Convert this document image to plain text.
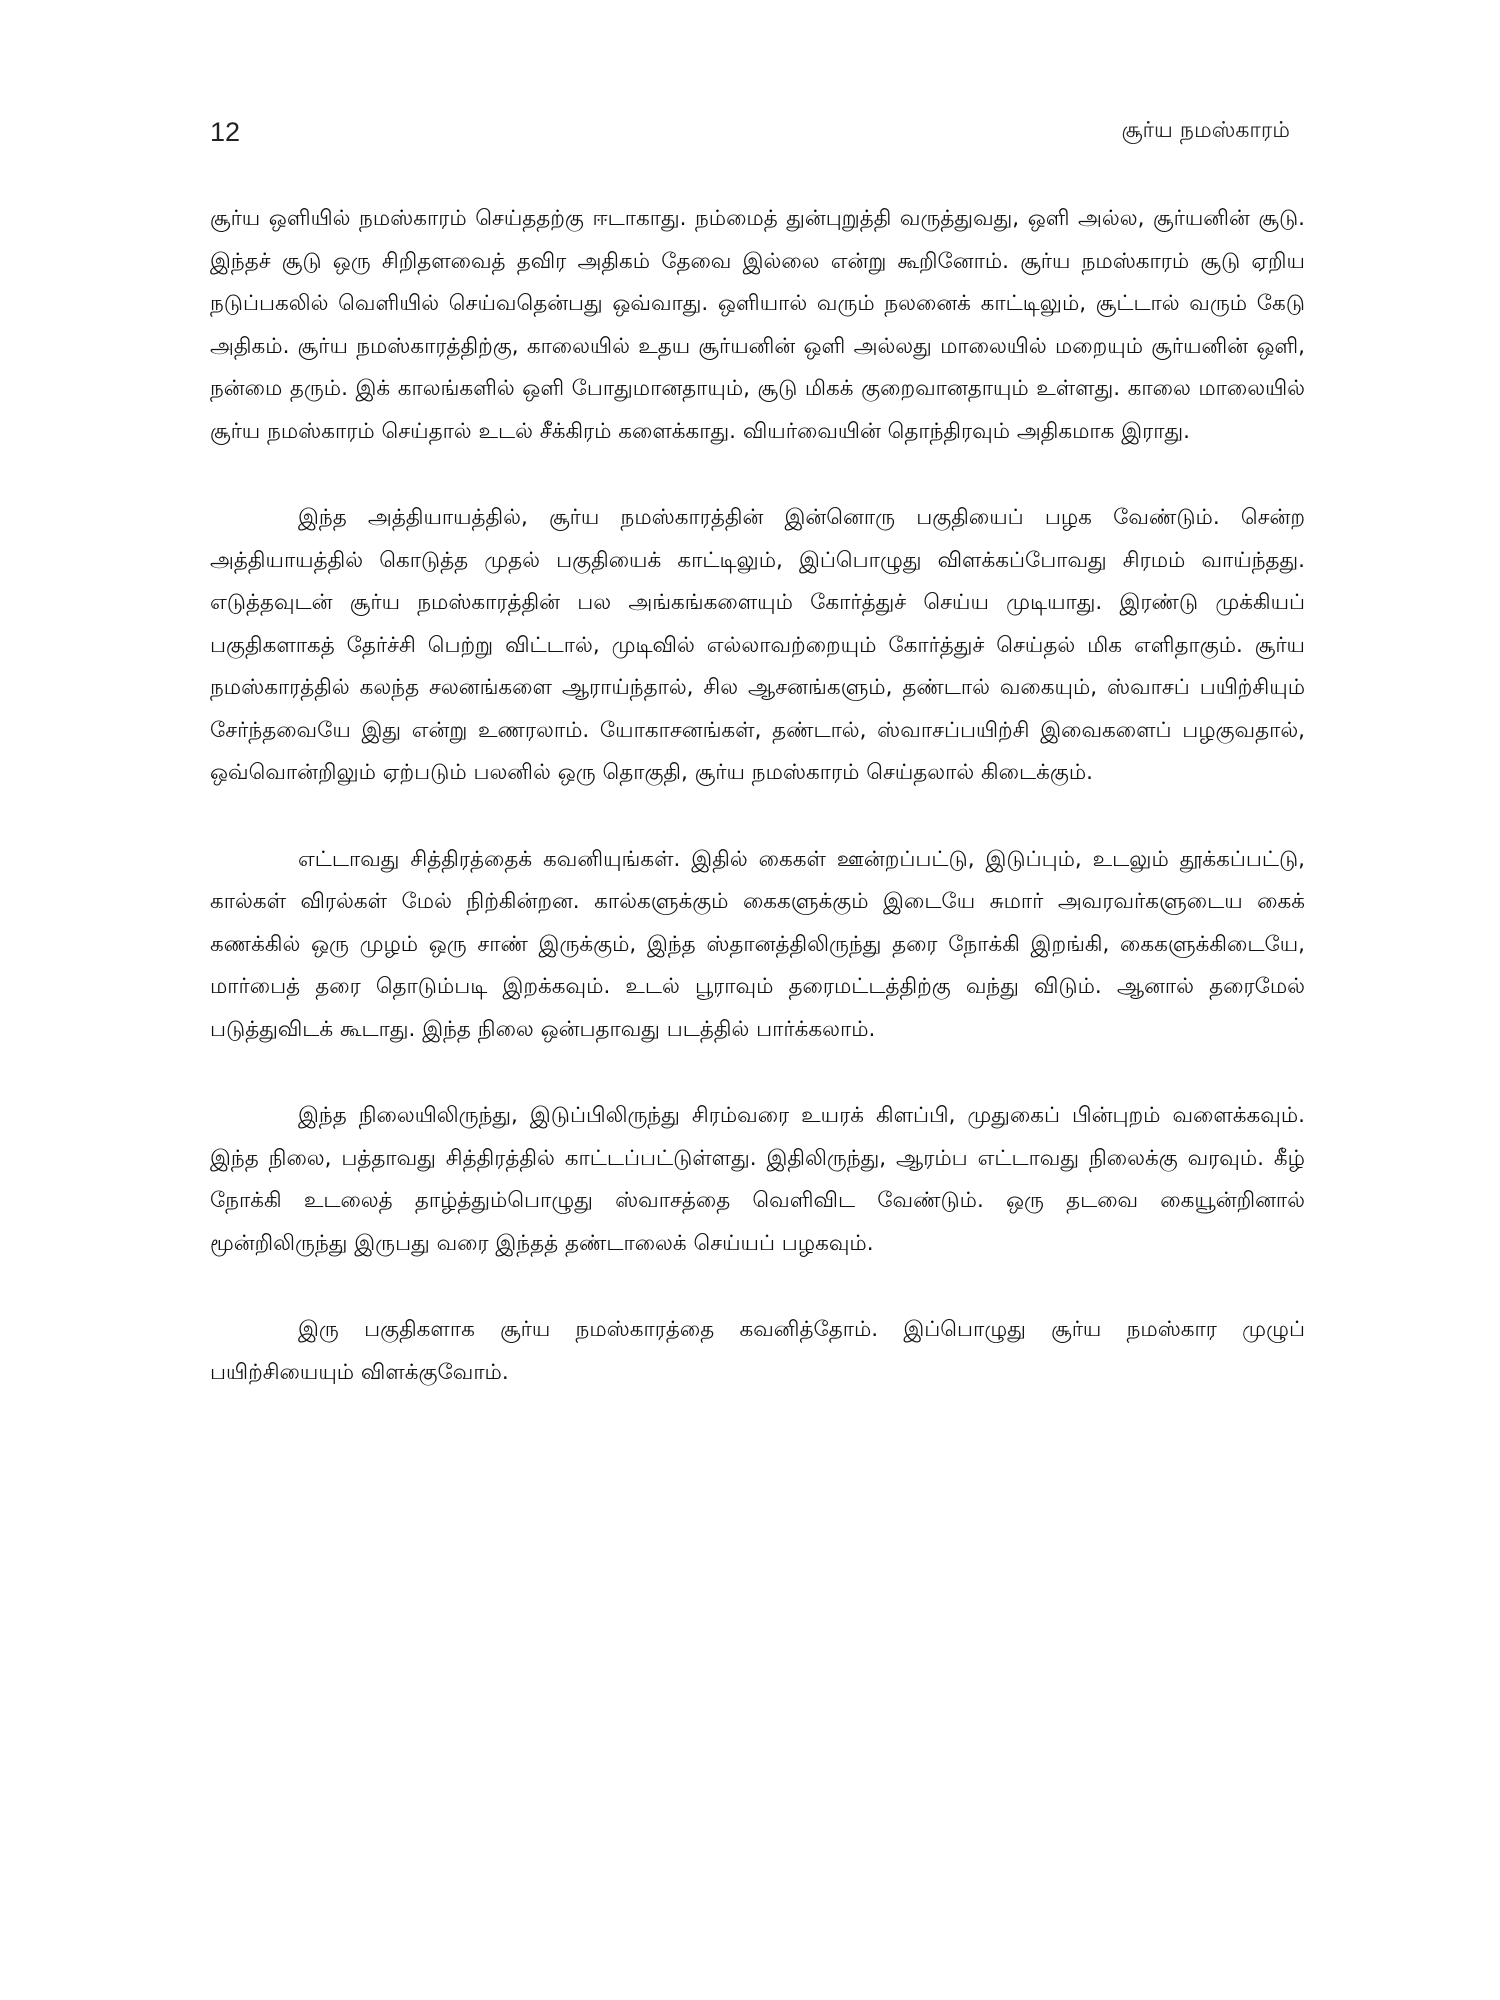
12	சூர்ய நமஸ்காரம்

சூர்ய ஒளியில் நமஸ்காரம் செய்ததற்கு ஈடாகாது. நம்மைத் துன்புறுத்தி வருத்துவது, ஒளி அல்ல, சூர்யனின் சூடு. இந்தச் சூடு ஒரு சிறிதளவைத் தவிர அதிகம் தேவை இல்லை என்று கூறினோம். சூர்ய நமஸ்காரம் சூடு ஏறிய நடுப்பகலில் வெளியில் செய்வதென்பது ஒவ்வாது. ஒளியால் வரும் நலனைக் காட்டிலும், சூட்டால் வரும் கேடு அதிகம். சூர்ய நமஸ்காரத்திற்கு, காலையில் உதய சூர்யனின் ஒளி அல்லது மாலையில் மறையும் சூர்யனின் ஒளி, நன்மை தரும். இக் காலங்களில் ஒளி போதுமானதாயும், சூடு மிகக் குறைவானதாயும் உள்ளது. காலை மாலையில் சூர்ய நமஸ்காரம் செய்தால் உடல் சீக்கிரம் களைக்காது. வியர்வையின் தொந்திரவும் அதிகமாக இராது.

இந்த அத்தியாயத்தில், சூர்ய நமஸ்காரத்தின் இன்னொரு பகுதியைப் பழக வேண்டும். சென்ற அத்தியாயத்தில் கொடுத்த முதல் பகுதியைக் காட்டிலும், இப்பொழுது விளக்கப்போவது சிரமம் வாய்ந்தது. எடுத்தவுடன் சூர்ய நமஸ்காரத்தின் பல அங்கங்களையும் கோர்த்துச் செய்ய முடியாது. இரண்டு முக்கியப் பகுதிகளாகத் தேர்ச்சி பெற்று விட்டால், முடிவில் எல்லாவற்றையும் கோர்த்துச் செய்தல் மிக எளிதாகும். சூர்ய நமஸ்காரத்தில் கலந்த சலனங்களை ஆராய்ந்தால், சில ஆசனங்களும், தண்டால் வகையும், ஸ்வாசப் பயிற்சியும் சேர்ந்தவையே இது என்று உணரலாம். யோகாசனங்கள், தண்டால், ஸ்வாசப்பயிற்சி இவைகளைப் பழகுவதால், ஒவ்வொன்றிலும் ஏற்படும் பலனில் ஒரு தொகுதி, சூர்ய நமஸ்காரம் செய்தலால் கிடைக்கும்.

எட்டாவது சித்திரத்தைக் கவனியுங்கள். இதில் கைகள் ஊன்றப்பட்டு, இடுப்பும், உடலும் தூக்கப்பட்டு, கால்கள் விரல்கள் மேல் நிற்கின்றன. கால்களுக்கும் கைகளுக்கும் இடையே சுமார் அவரவர்களுடைய கைக் கணக்கில் ஒரு முழம் ஒரு சாண் இருக்கும், இந்த ஸ்தானத்திலிருந்து தரை நோக்கி இறங்கி, கைகளுக்கிடையே, மார்பைத் தரை தொடும்படி இறக்கவும். உடல் பூராவும் தரைமட்டத்திற்கு வந்து விடும். ஆனால் தரைமேல் படுத்துவிடக் கூடாது. இந்த நிலை ஒன்பதாவது படத்தில் பார்க்கலாம்.

இந்த நிலையிலிருந்து, இடுப்பிலிருந்து சிரம்வரை உயரக் கிளப்பி, முதுகைப் பின்புறம் வளைக்கவும். இந்த நிலை, பத்தாவது சித்திரத்தில் காட்டப்பட்டுள்ளது. இதிலிருந்து, ஆரம்ப எட்டாவது நிலைக்கு வரவும். கீழ் நோக்கி உடலைத் தாழ்த்தும்பொழுது ஸ்வாசத்தை வெளிவிட வேண்டும். ஒரு தடவை கையூன்றினால் மூன்றிலிருந்து இருபது வரை இந்தத் தண்டாலைக் செய்யப் பழகவும்.

இரு பகுதிகளாக சூர்ய நமஸ்காரத்தை கவனித்தோம். இப்பொழுது சூர்ய நமஸ்கார முழுப் பயிற்சியையும் விளக்குவோம்.
